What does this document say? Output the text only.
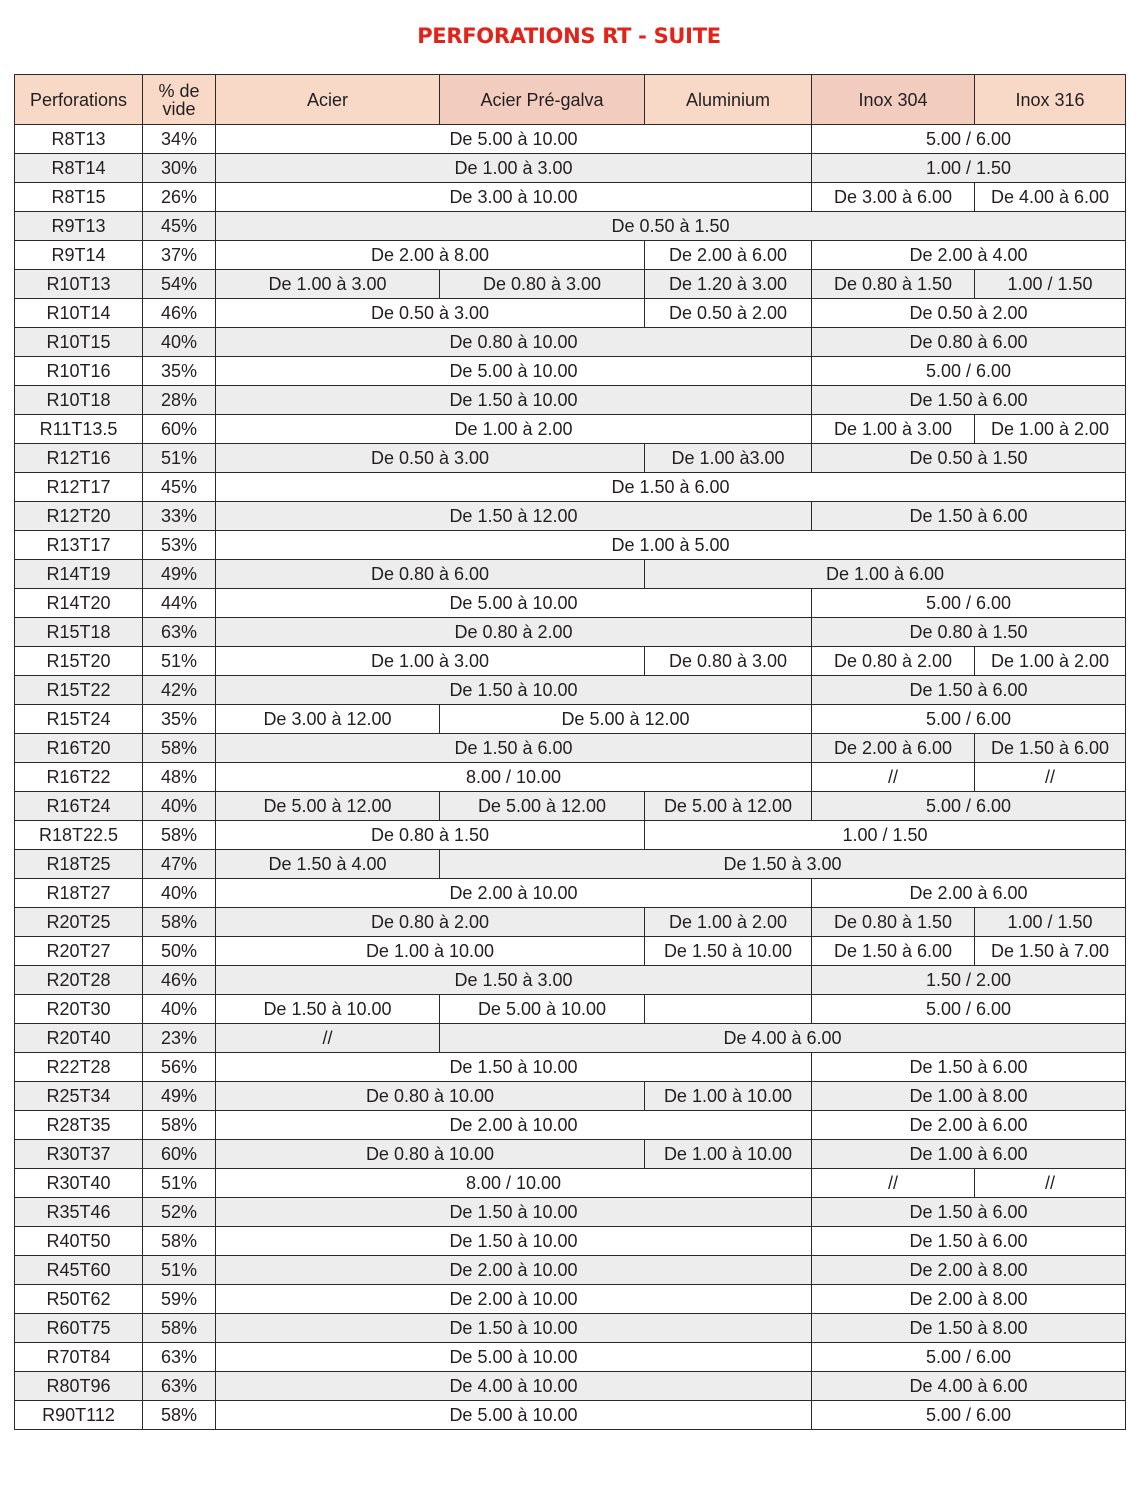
PERFORATIONS RT - SUITE
Perforations	% de vide	Acier	Acier Pré-galva	Aluminium	Inox 304	Inox 316
R8T13	34%	De 5.00 à 10.00			5.00 / 6.00	
R8T14	30%	De 1.00 à 3.00			1.00 / 1.50	
R8T15	26%	De 3.00 à 10.00			De 3.00 à 6.00	De 4.00 à 6.00
R9T13	45%	De 0.50 à 1.50				
R9T14	37%	De 2.00 à 8.00		De 2.00 à 6.00	De 2.00 à 4.00	
R10T13	54%	De 1.00 à 3.00	De 0.80 à 3.00	De 1.20 à 3.00	De 0.80 à 1.50	1.00 / 1.50
R10T14	46%	De 0.50 à 3.00		De 0.50 à 2.00	De 0.50 à 2.00	
R10T15	40%	De 0.80 à 10.00			De 0.80 à 6.00	
R10T16	35%	De 5.00 à 10.00			5.00 / 6.00	
R10T18	28%	De 1.50 à 10.00			De 1.50 à 6.00	
R11T13.5	60%	De 1.00 à 2.00			De 1.00 à 3.00	De 1.00 à 2.00
R12T16	51%	De 0.50 à 3.00		De 1.00 à3.00	De 0.50 à 1.50	
R12T17	45%	De 1.50 à 6.00				
R12T20	33%	De 1.50 à 12.00			De 1.50 à 6.00	
R13T17	53%	De 1.00 à 5.00				
R14T19	49%	De 0.80 à 6.00		De 1.00 à 6.00		
R14T20	44%	De 5.00 à 10.00			5.00 / 6.00	
R15T18	63%	De 0.80 à 2.00			De 0.80 à 1.50	
R15T20	51%	De 1.00 à 3.00		De 0.80 à 3.00	De 0.80 à 2.00	De 1.00 à 2.00
R15T22	42%	De 1.50 à 10.00			De 1.50 à 6.00	
R15T24	35%	De 3.00 à 12.00	De 5.00 à 12.00		5.00 / 6.00	
R16T20	58%	De 1.50 à 6.00			De 2.00 à 6.00	De 1.50 à 6.00
R16T22	48%	8.00 / 10.00			//	//
R16T24	40%	De 5.00 à 12.00	De 5.00 à 12.00	De 5.00 à 12.00	5.00 / 6.00	
R18T22.5	58%	De 0.80 à 1.50		1.00 / 1.50		
R18T25	47%	De 1.50 à 4.00	De 1.50 à 3.00			
R18T27	40%	De 2.00 à 10.00			De 2.00 à 6.00	
R20T25	58%	De 0.80 à 2.00		De 1.00 à 2.00	De 0.80 à 1.50	1.00 / 1.50
R20T27	50%	De 1.00 à 10.00		De 1.50 à 10.00	De 1.50 à 6.00	De 1.50 à 7.00
R20T28	46%	De 1.50 à 3.00			1.50 / 2.00	
R20T30	40%	De 1.50 à 10.00	De 5.00 à 10.00		5.00 / 6.00	
R20T40	23%	//	De 4.00 à 6.00			
R22T28	56%	De 1.50 à 10.00			De 1.50 à 6.00	
R25T34	49%	De 0.80 à 10.00		De 1.00 à 10.00	De 1.00 à 8.00	
R28T35	58%	De 2.00 à 10.00			De 2.00 à 6.00	
R30T37	60%	De 0.80 à 10.00		De 1.00 à 10.00	De 1.00 à 6.00	
R30T40	51%	8.00 / 10.00			//	//
R35T46	52%	De 1.50 à 10.00			De 1.50 à 6.00	
R40T50	58%	De 1.50 à 10.00			De 1.50 à 6.00	
R45T60	51%	De 2.00 à 10.00			De 2.00 à 8.00	
R50T62	59%	De 2.00 à 10.00			De 2.00 à 8.00	
R60T75	58%	De 1.50 à 10.00			De 1.50 à 8.00	
R70T84	63%	De 5.00 à 10.00			5.00 / 6.00	
R80T96	63%	De 4.00 à 10.00			De 4.00 à 6.00	
R90T112	58%	De 5.00 à 10.00			5.00 / 6.00	
